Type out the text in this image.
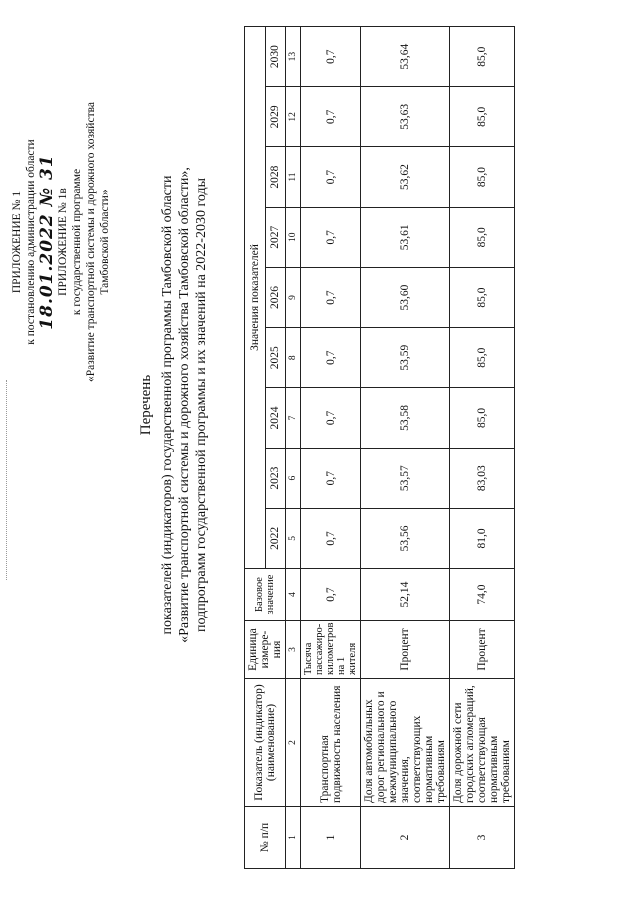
ПРИЛОЖЕНИЕ № 1 к постановлению администрации области 18.01.2022 № 31 ПРИЛОЖЕНИЕ № 1в к государственной программе «Развитие транспортной системы и дорожного хозяйства Тамбовской области»
Перечень показателей (индикаторов) государственной программы Тамбовской области «Развитие транспортной системы и дорожного хозяйства Тамбовской области», подпрограмм государственной программы и их значений на 2022-2030 годы
№ п/п	Показатель (индикатор) (наименование)	Единица измере-ния	Базовое значение	Значения показателей								
				2022	2023	2024	2025	2026	2027	2028	2029	2030
1	2	3	4	5	6	7	8	9	10	11	12	13
1	Транспортная подвижность населения	Тысяча пассажиро-километров на 1 жителя	0,7	0,7	0,7	0,7	0,7	0,7	0,7	0,7	0,7	0,7
2	Доля автомобильных дорог регионального и межмуниципального значения, соответствующих нормативным требованиям	Процент	52,14	53,56	53,57	53,58	53,59	53,60	53,61	53,62	53,63	53,64
3	Доля дорожной сети городских агломераций, соответствующая нормативным требованиям	Процент	74,0	81,0	83,03	85,0	85,0	85,0	85,0	85,0	85,0	85,0
